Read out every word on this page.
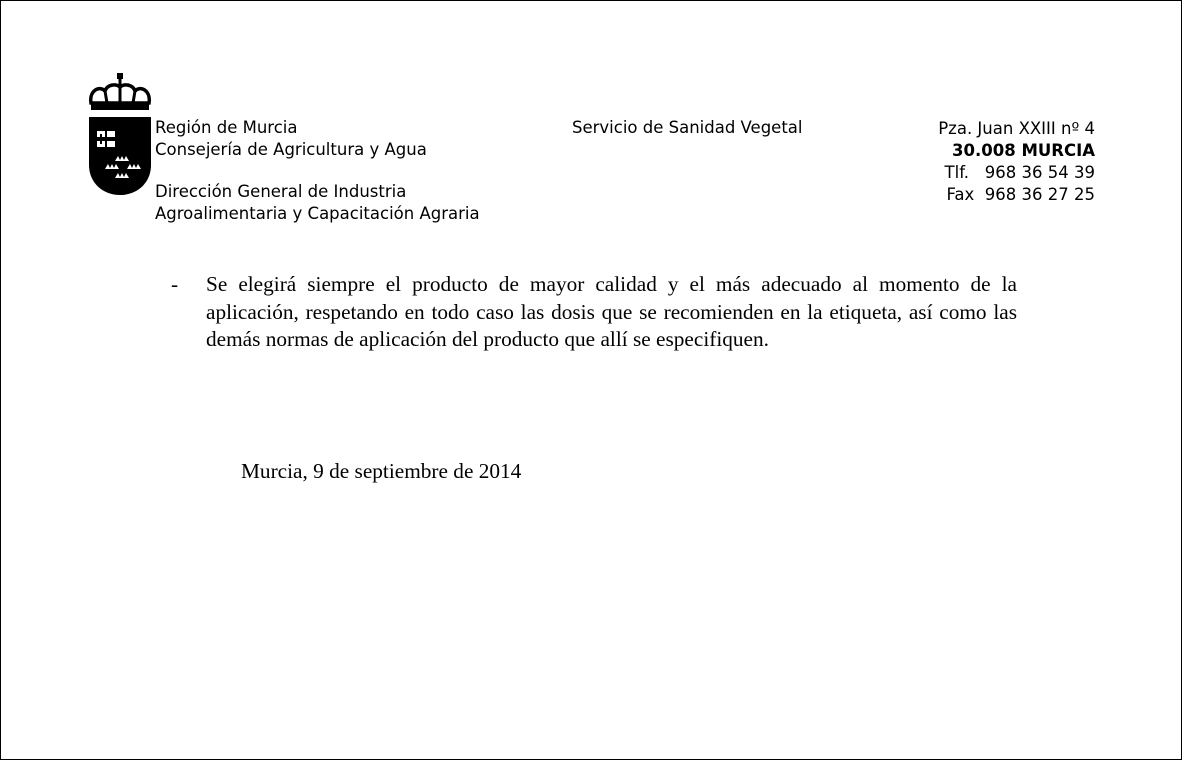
Región de Murcia
Consejería de Agricultura y Agua
Dirección General de Industria
Agroalimentaria y Capacitación Agraria
Servicio de Sanidad Vegetal	Pza. Juan XXIII nº 4
30.008 MURCIA
Tlf.   968 36 54 39
Fax  968 36 27 25
- Se elegirá siempre el producto de mayor calidad y el más adecuado al momento de la aplicación, respetando en todo caso las dosis que se recomienden en la etiqueta, así como las demás normas de aplicación del producto que allí se especifiquen.
Murcia, 9 de septiembre de 2014
